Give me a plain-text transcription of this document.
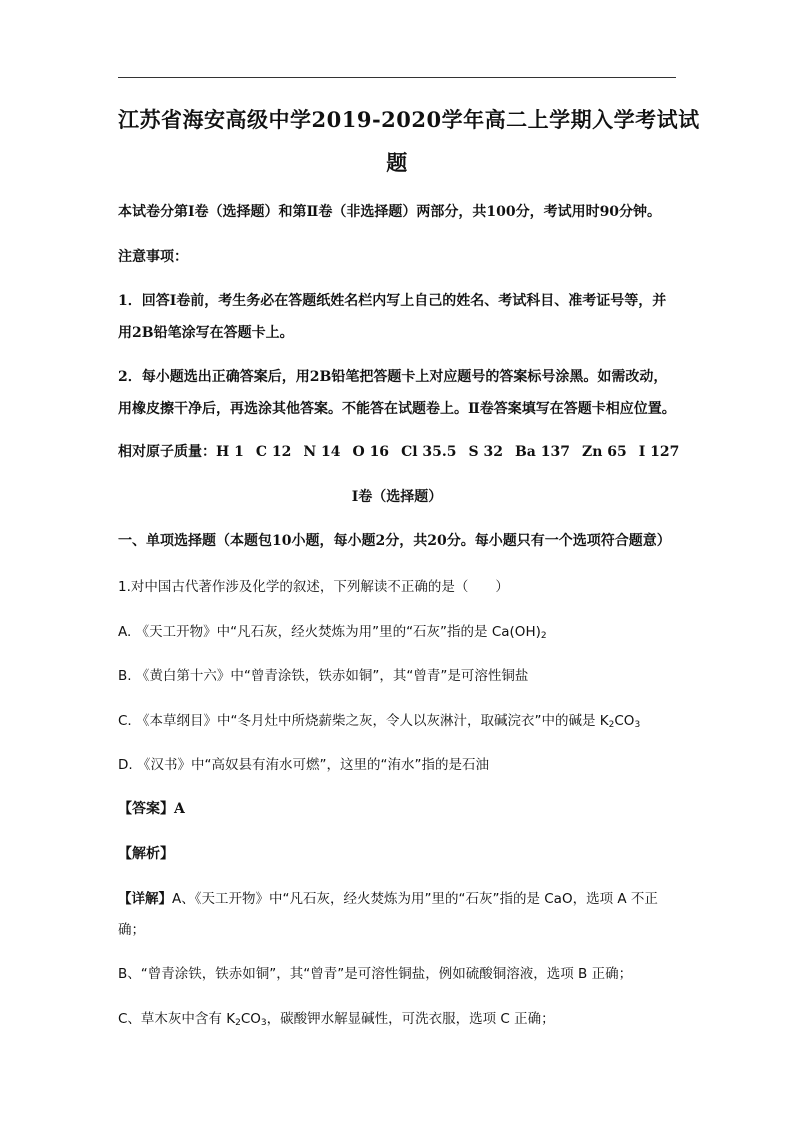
江苏省海安高级中学2019-2020学年高二上学期入学考试试
题
本试卷分第Ⅰ卷（选择题）和第Ⅱ卷（非选择题）两部分，共100分，考试用时90分钟。
注意事项：
1．回答Ⅰ卷前，考生务必在答题纸姓名栏内写上自己的姓名、考试科目、准考证号等，并
用2B铅笔涂写在答题卡上。
2．每小题选出正确答案后，用2B铅笔把答题卡上对应题号的答案标号涂黑。如需改动，
用橡皮擦干净后，再选涂其他答案。不能答在试题卷上。Ⅱ卷答案填写在答题卡相应位置。
相对原子质量：H 1 C 12 N 14 O 16 Cl 35.5 S 32 Ba 137 Zn 65 I 127
Ⅰ卷（选择题）
一、单项选择题（本题包10小题，每小题2分，共20分。每小题只有一个选项符合题意）
1.对中国古代著作涉及化学的叙述，下列解读不正确的是（　　）
A. 《天工开物》中“凡石灰，经火焚炼为用”里的“石灰”指的是 $Ca(OH)_2$
B. 《黄白第十六》中“曾青涂铁，铁赤如铜”，其“曾青”是可溶性铜盐
C. 《本草纲目》中“冬月灶中所烧薪柴之灰，令人以灰淋汁，取碱浣衣”中的碱是 $K_2CO_3$
D. 《汉书》中“高奴县有洧水可燃”，这里的“洧水”指的是石油
【答案】A
【解析】
【详解】A、《天工开物》中“凡石灰，经火焚炼为用”里的“石灰”指的是 CaO，选项 A 不正
确；
B、“曾青涂铁，铁赤如铜”，其“曾青”是可溶性铜盐，例如硫酸铜溶液，选项 B 正确；
C、草木灰中含有 $K_2CO_3$，碳酸钾水解显碱性，可洗衣服，选项 C 正确；
